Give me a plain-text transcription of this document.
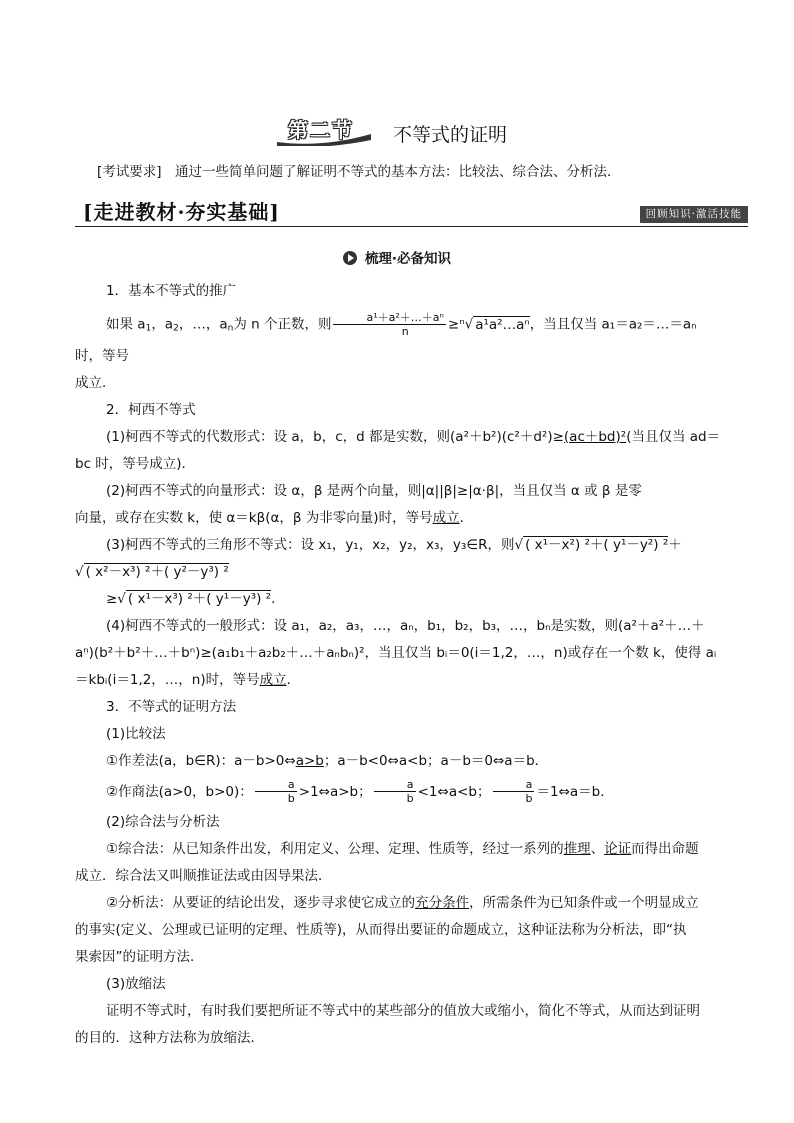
第二节	不等式的证明
[考试要求]　通过一些简单问题了解证明不等式的基本方法：比较法、综合法、分析法．
[走进教材·夯实基础]	回顾知识·激活技能
梳理·必备知识

1．基本不等式的推广

如果 $a_1$，$a_2$，…，$a_n$为 n 个正数，则 $\frac{\text{a¹＋a²＋…＋aⁿ}}{n} \ge^n√$ a¹a²…aⁿ，当且仅当 a₁＝a₂＝…＝aₙ时，等号

成立．

2．柯西不等式

(1)柯西不等式的代数形式：设 a，b，c，d 都是实数，则(a²＋b²)(c²＋d²)≥(ac＋bd)²(当且仅当 ad＝

bc 时，等号成立)．

(2)柯西不等式的向量形式：设 α，β 是两个向量，则|α||β|≥|α·β|，当且仅当 α 或 β 是零

向量，或存在实数 k，使 α＝kβ(α，β 为非零向量)时，等号成立．

(3)柯西不等式的三角形不等式：设 x₁，y₁，x₂，y₂，x₃，y₃∈R，则√ ( x¹－x²) ²＋( y¹－y²) ²＋

√ ( x²－x³) ²＋( y²－y³) ²

≥√ ( x¹－x³) ²＋( y¹－y³) ²．

(4)柯西不等式的一般形式：设 a₁，a₂，a₃，…，aₙ，b₁，b₂，b₃，…，bₙ是实数，则(a²＋a²＋…＋

aⁿ)(b²＋b²＋…＋bⁿ)≥(a₁b₁＋a₂b₂＋…＋aₙbₙ)²，当且仅当 bᵢ＝0(i＝1,2，…，n)或存在一个数 k，使得 aᵢ

＝kbᵢ(i＝1,2，…，n)时，等号成立．

3．不等式的证明方法

(1)比较法

①作差法(a，b∈R)：a－b>0⇔a>b；a－b<0⇔a<b；a－b＝0⇔a＝b．

②作商法(a>0，b>0)： $\frac{a}{b}$ >1⇔a>b； $\frac{a}{b}$ <1⇔a<b； $\frac{a}{b}$ ＝1⇔a＝b．

(2)综合法与分析法

①综合法：从已知条件出发，利用定义、公理、定理、性质等，经过一系列的推理、论证而得出命题

成立．综合法又叫顺推证法或由因导果法．

②分析法：从要证的结论出发，逐步寻求使它成立的充分条件，所需条件为已知条件或一个明显成立

的事实(定义、公理或已证明的定理、性质等)，从而得出要证的命题成立，这种证法称为分析法，即“执

果索因”的证明方法．

(3)放缩法

证明不等式时，有时我们要把所证不等式中的某些部分的值放大或缩小，简化不等式，从而达到证明

的目的．这种方法称为放缩法．
